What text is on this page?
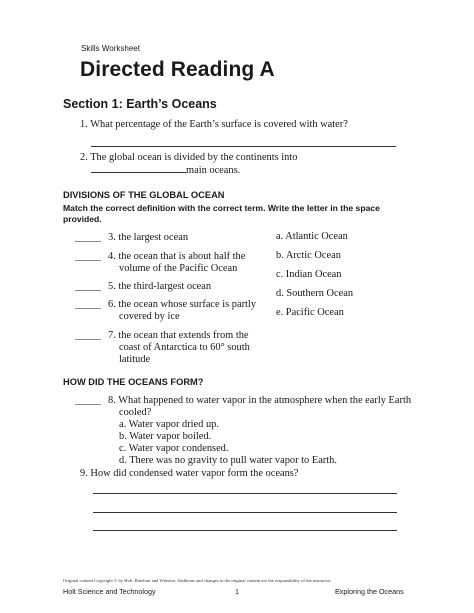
Skills Worksheet
Directed Reading A
Section 1: Earth’s Oceans
1. What percentage of the Earth’s surface is covered with water?
2. The global ocean is divided by the continents into
main oceans.
DIVISIONS OF THE GLOBAL OCEAN
Match the correct definition with the correct term. Write the letter in the space
provided.
_____ 3. the largest ocean
_____ 4. the ocean that is about half the
volume of the Pacific Ocean
_____ 5. the third-largest ocean
_____ 6. the ocean whose surface is partly
covered by ice
_____ 7. the ocean that extends from the
coast of Antarctica to 60° south
latitude
a. Atlantic Ocean
b. Arctic Ocean
c. Indian Ocean
d. Southern Ocean
e. Pacific Ocean
HOW DID THE OCEANS FORM?
_____ 8. What happened to water vapor in the atmosphere when the early Earth
cooled?
a. Water vapor dried up.
b. Water vapor boiled.
c. Water vapor condensed.
d. There was no gravity to pull water vapor to Earth.
9. How did condensed water vapor form the oceans?
Original content Copyright © by Holt, Rinehart and Winston. Additions and changes to the original content are the responsibility of the instructor.
Holt Science and Technology	1	Exploring the Oceans
